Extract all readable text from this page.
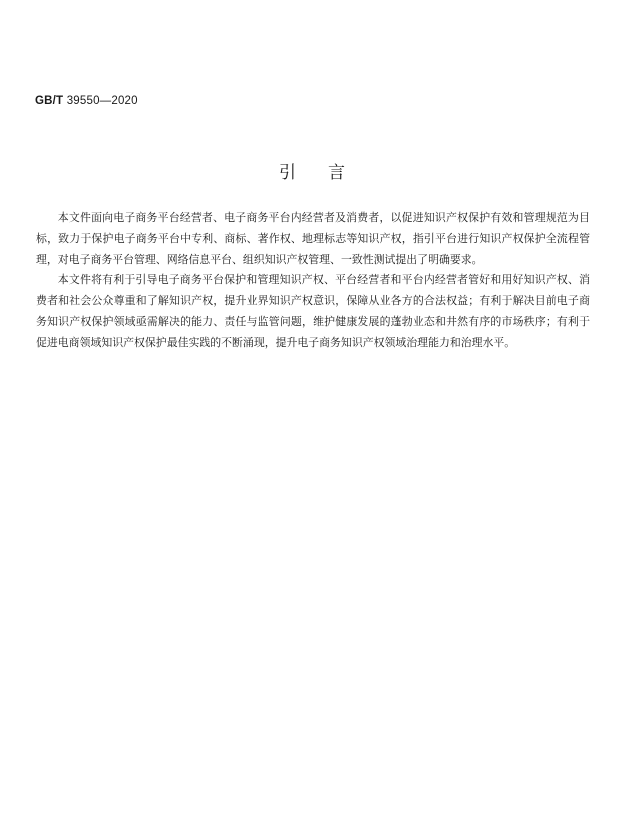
GB/T 39550—2020
引言

本文件面向电子商务平台经营者、电子商务平台内经营者及消费者，以促进知识产权保护有效和管理规范为目标，致力于保护电子商务平台中专利、商标、著作权、地理标志等知识产权，指引平台进行知识产权保护全流程管理，对电子商务平台管理、网络信息平台、组织知识产权管理、一致性测试提出了明确要求。

本文件将有利于引导电子商务平台保护和管理知识产权、平台经营者和平台内经营者管好和用好知识产权、消费者和社会公众尊重和了解知识产权，提升业界知识产权意识，保障从业各方的合法权益；有利于解决目前电子商务知识产权保护领域亟需解决的能力、责任与监管问题，维护健康发展的蓬勃业态和井然有序的市场秩序；有利于促进电商领域知识产权保护最佳实践的不断涌现，提升电子商务知识产权领域治理能力和治理水平。
